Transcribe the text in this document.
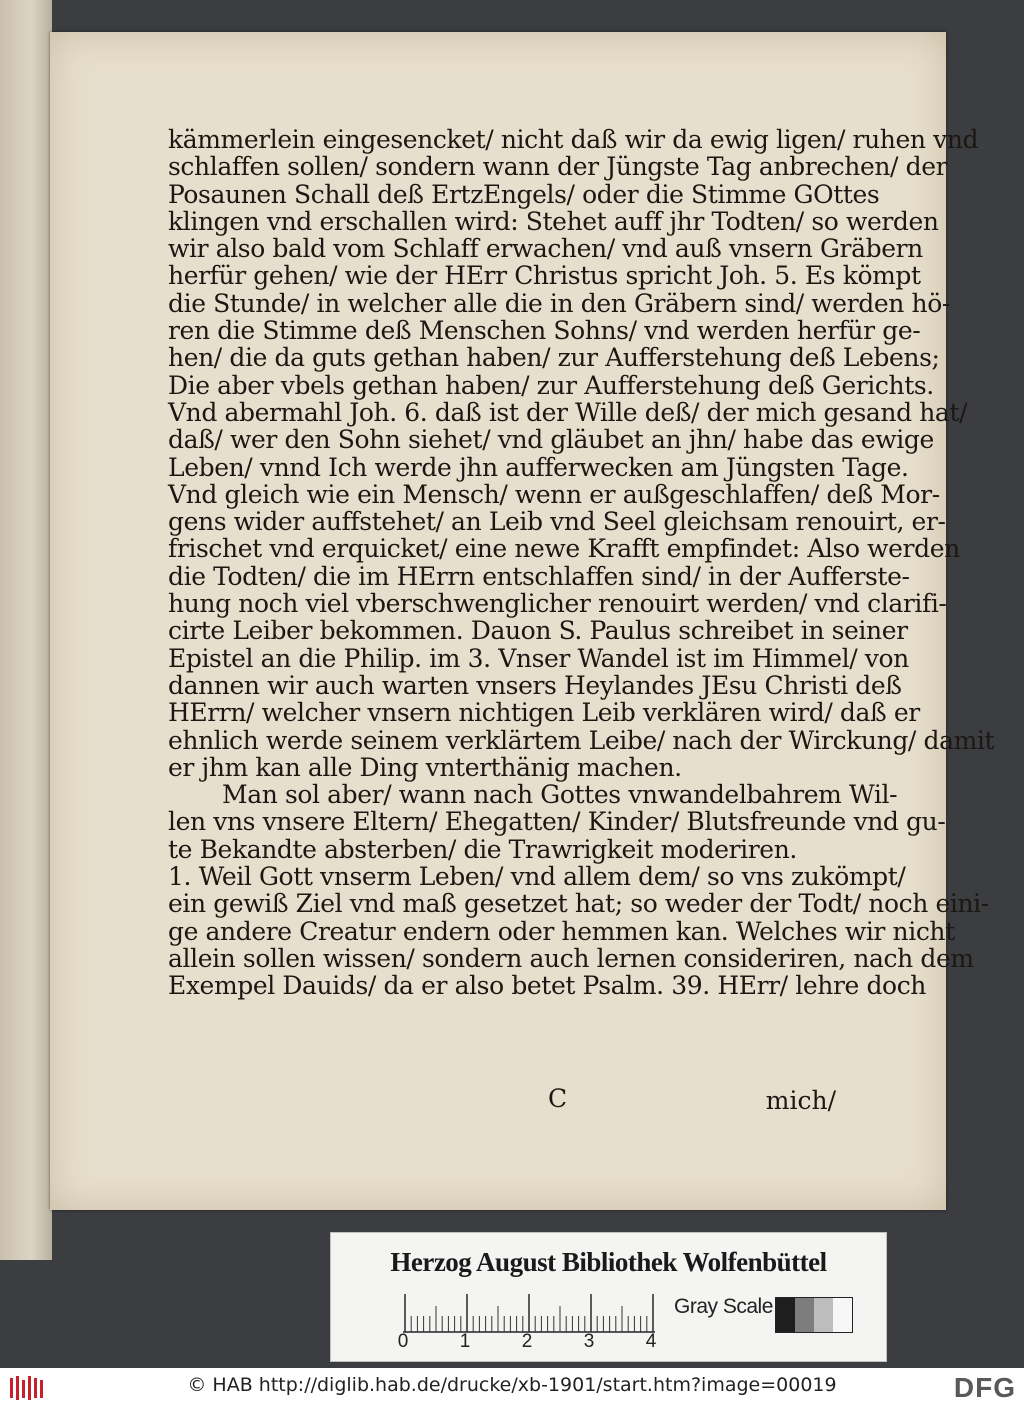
kämmerlein eingesencket/ nicht daß wir da ewig ligen/ ruhen vnd
schlaffen sollen/ sondern wann der Jüngste Tag anbrechen/ der
Posaunen Schall deß ErtzEngels/ oder die Stimme GOttes
klingen vnd erschallen wird: Stehet auff jhr Todten/ so werden
wir also bald vom Schlaff erwachen/ vnd auß vnsern Gräbern
herfür gehen/ wie der HErr Christus spricht Joh. 5. Es kömpt
die Stunde/ in welcher alle die in den Gräbern sind/ werden hö-
ren die Stimme deß Menschen Sohns/ vnd werden herfür ge-
hen/ die da guts gethan haben/ zur Aufferstehung deß Lebens;
Die aber vbels gethan haben/ zur Aufferstehung deß Gerichts.
Vnd abermahl Joh. 6. daß ist der Wille deß/ der mich gesand hat/
daß/ wer den Sohn siehet/ vnd gläubet an jhn/ habe das ewige
Leben/ vnnd Ich werde jhn aufferwecken am Jüngsten Tage.
Vnd gleich wie ein Mensch/ wenn er außgeschlaffen/ deß Mor-
gens wider auffstehet/ an Leib vnd Seel gleichsam renouirt, er-
frischet vnd erquicket/ eine newe Krafft empfindet: Also werden
die Todten/ die im HErrn entschlaffen sind/ in der Aufferste-
hung noch viel vberschwenglicher renouirt werden/ vnd clarifi-
cirte Leiber bekommen. Dauon S. Paulus schreibet in seiner
Epistel an die Philip. im 3. Vnser Wandel ist im Himmel/ von
dannen wir auch warten vnsers Heylandes JEsu Christi deß
HErrn/ welcher vnsern nichtigen Leib verklären wird/ daß er
ehnlich werde seinem verklärtem Leibe/ nach der Wirckung/ damit
er jhm kan alle Ding vnterthänig machen.
Man sol aber/ wann nach Gottes vnwandelbahrem Wil-
len vns vnsere Eltern/ Ehegatten/ Kinder/ Blutsfreunde vnd gu-
te Bekandte absterben/ die Trawrigkeit moderiren.
1. Weil Gott vnserm Leben/ vnd allem dem/ so vns zukömpt/
ein gewiß Ziel vnd maß gesetzet hat; so weder der Todt/ noch eini-
ge andere Creatur endern oder hemmen kan. Welches wir nicht
allein sollen wissen/ sondern auch lernen consideriren, nach dem
Exempel Dauids/ da er also betet Psalm. 39. HErr/ lehre doch
C	mich/
Herzog August Bibliothek Wolfenbüttel
0	1	2	3	4
Gray Scale
© HAB http://diglib.hab.de/drucke/xb-1901/start.htm?image=00019	DFG
